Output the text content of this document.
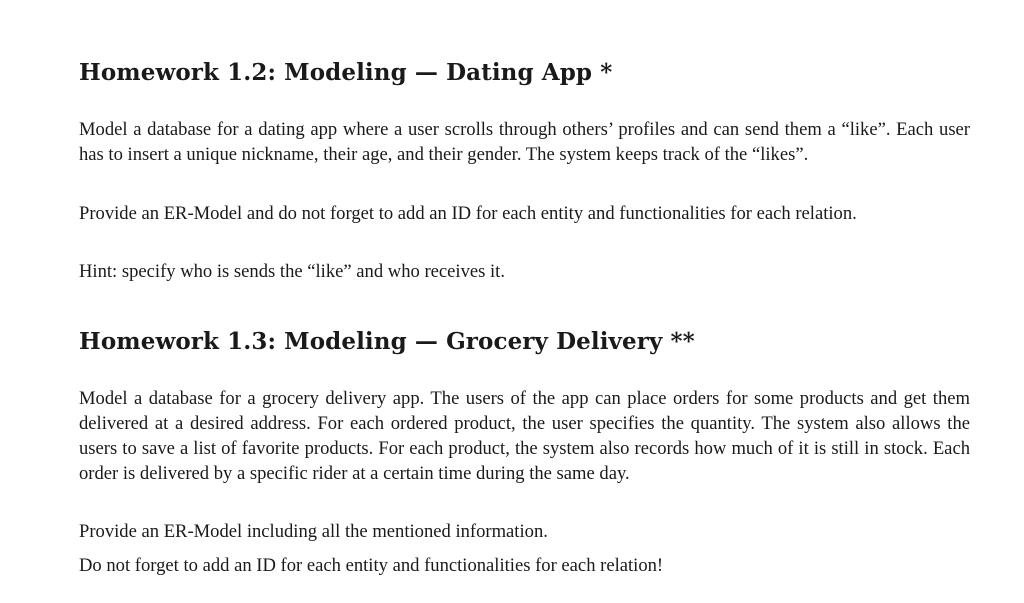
Homework 1.2: Modeling — Dating App *

Model a database for a dating app where a user scrolls through others’ profiles and can send them a “like”. Each user has to insert a unique nickname, their age, and their gender. The system keeps track of the “likes”.

Provide an ER-Model and do not forget to add an ID for each entity and functionalities for each relation.

Hint: specify who is sends the “like” and who receives it.

Homework 1.3: Modeling — Grocery Delivery **

Model a database for a grocery delivery app. The users of the app can place orders for some products and get them delivered at a desired address. For each ordered product, the user specifies the quantity. The system also allows the users to save a list of favorite products. For each product, the system also records how much of it is still in stock. Each order is delivered by a specific rider at a certain time during the same day.

Provide an ER-Model including all the mentioned information.

Do not forget to add an ID for each entity and functionalities for each relation!
